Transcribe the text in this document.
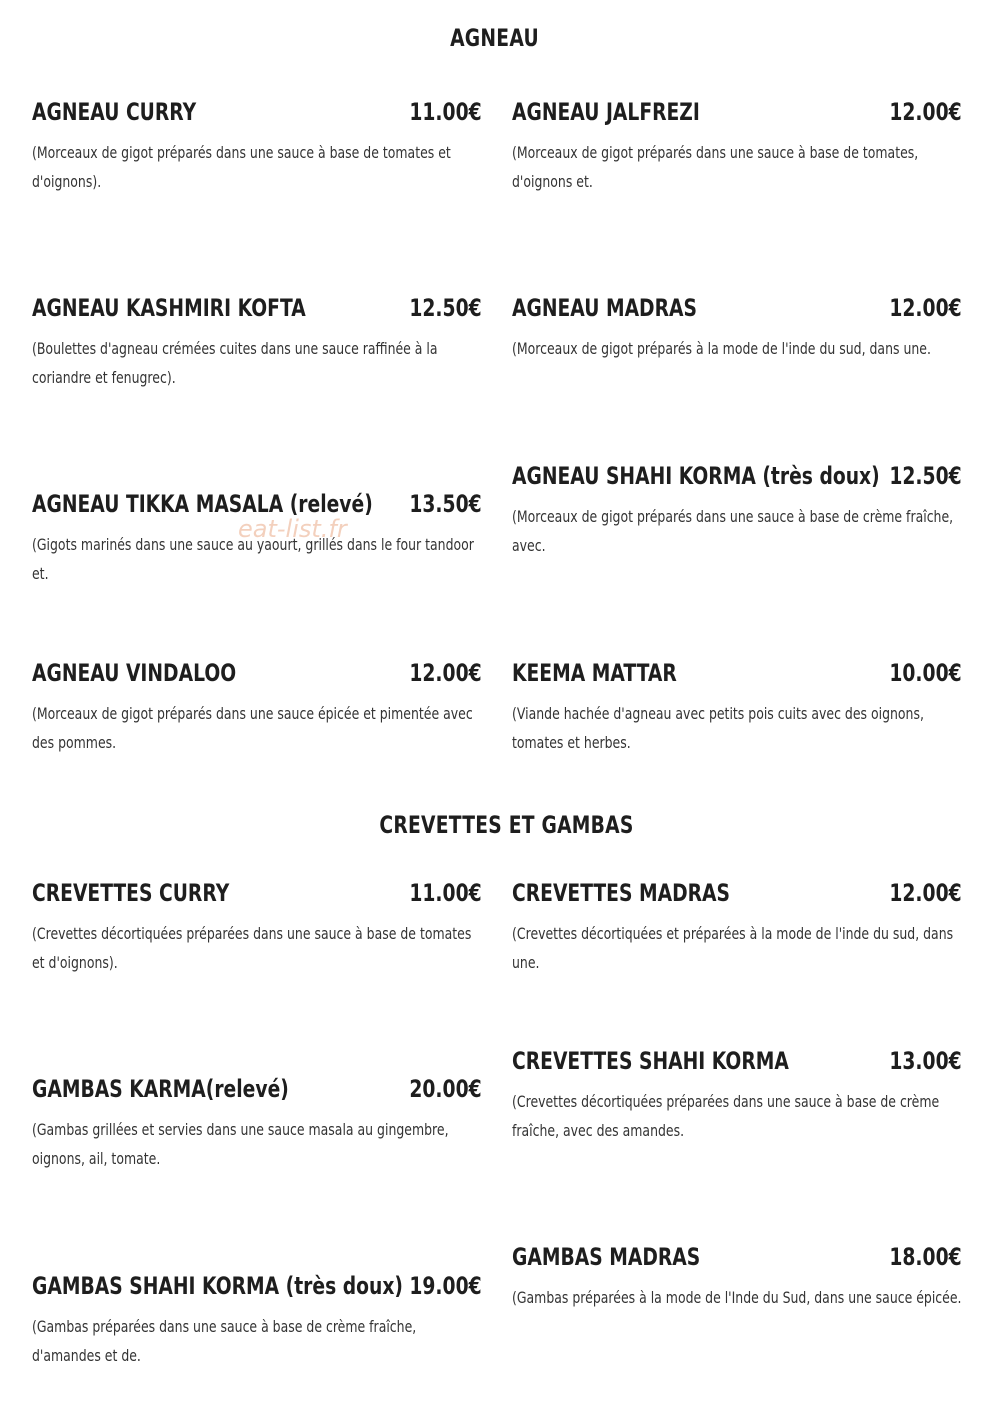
AGNEAU
AGNEAU CURRY	11.00€
(Morceaux de gigot préparés dans une sauce à base de tomates et d'oignons).
AGNEAU JALFREZI	12.00€
(Morceaux de gigot préparés dans une sauce à base de tomates, d'oignons et.
AGNEAU KASHMIRI KOFTA	12.50€
(Boulettes d'agneau crémées cuites dans une sauce raffinée à la coriandre et fenugrec).
AGNEAU MADRAS	12.00€
(Morceaux de gigot préparés à la mode de l'inde du sud, dans une.
AGNEAU TIKKA MASALA (relevé) 13.50€
(Gigots marinés dans une sauce au yaourt, grillés dans le four tandoor et.
AGNEAU SHAHI KORMA (très doux) 12.50€
(Morceaux de gigot préparés dans une sauce à base de crème fraîche, avec.
AGNEAU VINDALOO	12.00€
(Morceaux de gigot préparés dans une sauce épicée et pimentée avec des pommes.
KEEMA MATTAR	10.00€
(Viande hachée d'agneau avec petits pois cuits avec des oignons, tomates et herbes.
CREVETTES ET GAMBAS
CREVETTES CURRY	11.00€
(Crevettes décortiquées préparées dans une sauce à base de tomates et d'oignons).
CREVETTES MADRAS	12.00€
(Crevettes décortiquées et préparées à la mode de l'inde du sud, dans une.
GAMBAS KARMA(relevé)	20.00€
(Gambas grillées et servies dans une sauce masala au gingembre, oignons, ail, tomate.
CREVETTES SHAHI KORMA	13.00€
(Crevettes décortiquées préparées dans une sauce à base de crème fraîche, avec des amandes.
GAMBAS SHAHI KORMA (très doux) 19.00€
(Gambas préparées dans une sauce à base de crème fraîche, d'amandes et de.
GAMBAS MADRAS	18.00€
(Gambas préparées à la mode de l'Inde du Sud, dans une sauce épicée.
eat-list.fr
